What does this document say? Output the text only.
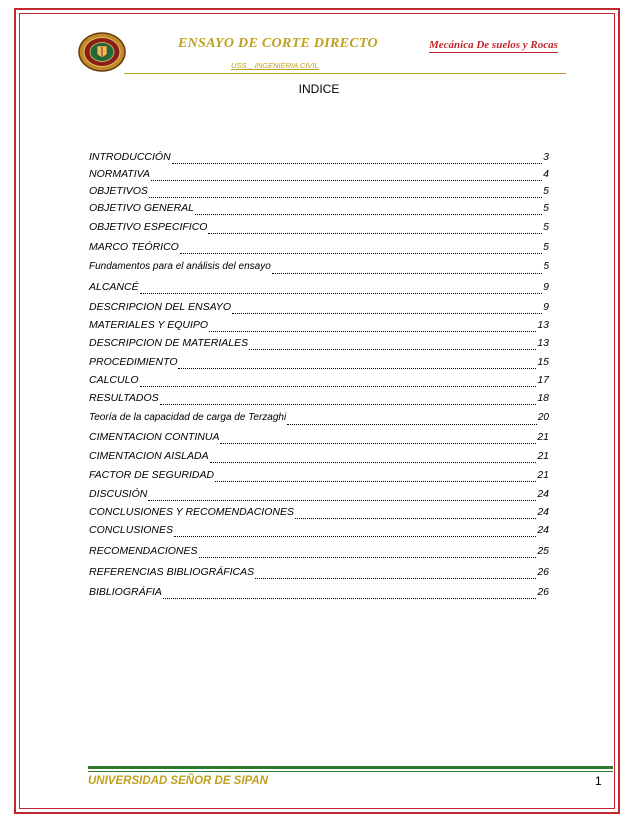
ENSAYO DE CORTE DIRECTO	Mecánica De suelos y Rocas
USS _ INGENIERIA CIVIL
INDICE
INTRODUCCIÓN	3
NORMATIVA	4
OBJETIVOS	5
OBJETIVO GENERAL	5
OBJETIVO ESPECIFICO	5
MARCO TEÓRICO	5
Fundamentos para el análisis del ensayo	5
ALCANCÉ	9
DESCRIPCION DEL ENSAYO	9
MATERIALES Y EQUIPO	13
DESCRIPCION DE MATERIALES	13
PROCEDIMIENTO	15
CALCULO	17
RESULTADOS	18
Teoría de la capacidad de carga de Terzaghi	20
CIMENTACION CONTINUA	21
CIMENTACION AISLADA	21
FACTOR DE SEGURIDAD	21
DISCUSIÓN	24
CONCLUSIONES Y RECOMENDACIONES	24
CONCLUSIONES	24
RECOMENDACIONES	25
REFERENCIAS BIBLIOGRÁFICAS	26
BIBLIOGRÁFIA	26
UNIVERSIDAD SEÑOR DE SIPAN	1
